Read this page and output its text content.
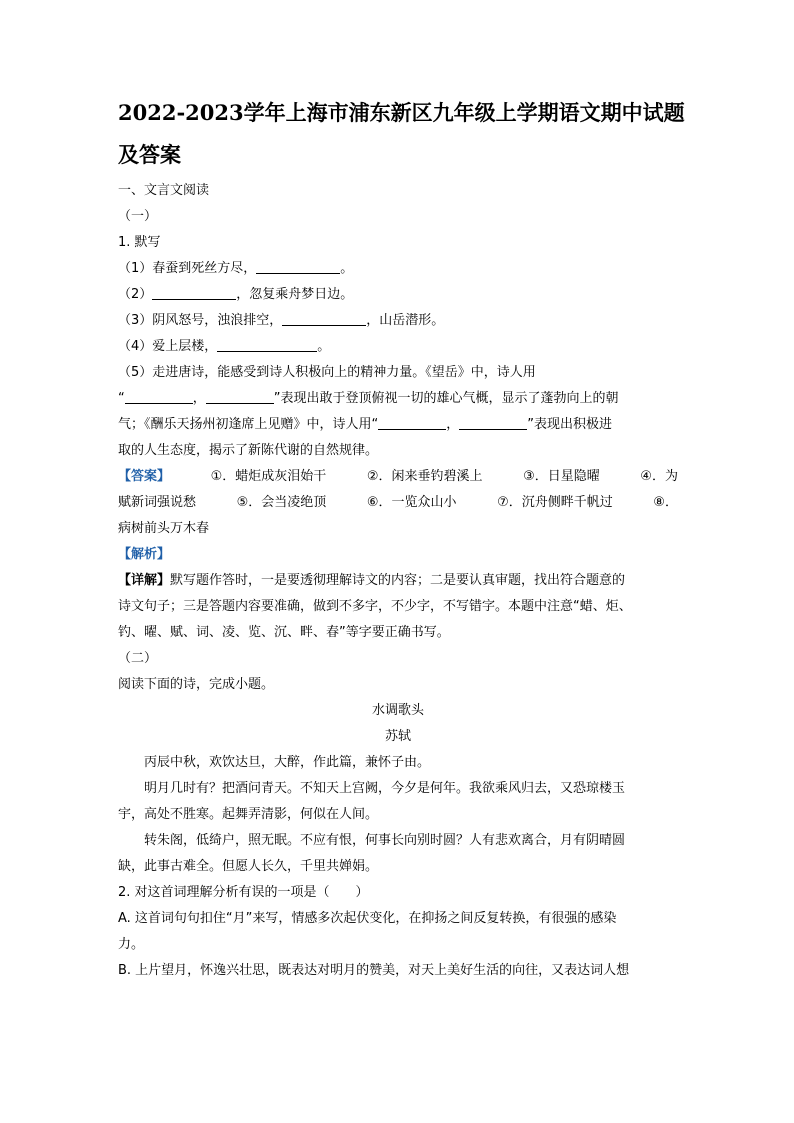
2022-2023学年上海市浦东新区九年级上学期语文期中试题
及答案
一、文言文阅读
（一）
1. 默写
（1）春蚕到死丝方尽，	。
（2）	，忽复乘舟梦日边。
（3）阴风怒号，浊浪排空，	，山岳潜形。
（4）爱上层楼，	。
（5）走进唐诗，能感受到诗人积极向上的精神力量。《望岳》中，诗人用
“	，	”表现出敢于登顶俯视一切的雄心气概，显示了蓬勃向上的朝
气；《酬乐天扬州初逢席上见赠》中，诗人用“	，	”表现出积极进
取的人生态度，揭示了新陈代谢的自然规律。
【答案】	①．蜡炬成灰泪始干	②．闲来垂钓碧溪上	③．日星隐曜	④．为
赋新词强说愁	⑤．会当凌绝顶	⑥．一览众山小	⑦．沉舟侧畔千帆过	⑧．
病树前头万木春
【解析】
【详解】默写题作答时，一是要透彻理解诗文的内容；二是要认真审题，找出符合题意的
诗文句子；三是答题内容要准确，做到不多字，不少字，不写错字。本题中注意“蜡、炬、
钓、曜、赋、词、凌、览、沉、畔、春”等字要正确书写。
（二）
阅读下面的诗，完成小题。
水调歌头
苏轼
丙辰中秋，欢饮达旦，大醉，作此篇，兼怀子由。
明月几时有？把酒问青天。不知天上宫阙，今夕是何年。我欲乘风归去，又恐琼楼玉
宇，高处不胜寒。起舞弄清影，何似在人间。
转朱阁，低绮户，照无眠。不应有恨，何事长向别时圆？人有悲欢离合，月有阴晴圆
缺，此事古难全。但愿人长久，千里共婵娟。
2. 对这首词理解分析有误的一项是（　　）
A. 这首词句句扣住“月”来写，情感多次起伏变化，在抑扬之间反复转换，有很强的感染
力。
B. 上片望月，怀逸兴壮思，既表达对明月的赞美，对天上美好生活的向往，又表达词人想
